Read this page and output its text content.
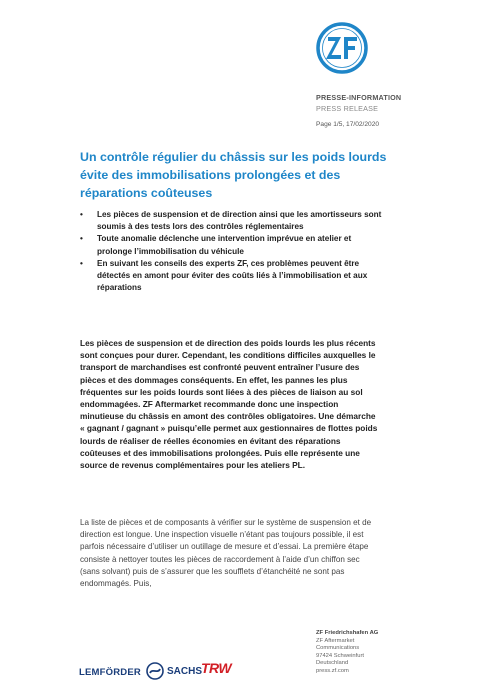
PRESSE-INFORMATION
PRESS RELEASE
Page 1/5, 17/02/2020
Un contrôle régulier du châssis sur les poids lourds évite des immobilisations prolongées et des réparations coûteuses
• Les pièces de suspension et de direction ainsi que les amortisseurs sont soumis à des tests lors des contrôles réglementaires
• Toute anomalie déclenche une intervention imprévue en atelier et prolonge l’immobilisation du véhicule
• En suivant les conseils des experts ZF, ces problèmes peuvent être détectés en amont pour éviter des coûts liés à l’immobilisation et aux réparations

Les pièces de suspension et de direction des poids lourds les plus récents sont conçues pour durer. Cependant, les conditions difficiles auxquelles le transport de marchandises est confronté peuvent entraîner l’usure des pièces et des dommages conséquents. En effet, les pannes les plus fréquentes sur les poids lourds sont liées à des pièces de liaison au sol endommagées. ZF Aftermarket recommande donc une inspection minutieuse du châssis en amont des contrôles obligatoires. Une démarche « gagnant / gagnant » puisqu’elle permet aux gestionnaires de flottes poids lourds de réaliser de réelles économies en évitant des réparations coûteuses et des immobilisations prolongées. Puis elle représente une source de revenus complémentaires pour les ateliers PL.

La liste de pièces et de composants à vérifier sur le système de suspension et de direction est longue. Une inspection visuelle n’étant pas toujours possible, il est parfois nécessaire d’utiliser un outillage de mesure et d’essai. La première étape consiste à nettoyer toutes les pièces de raccordement à l’aide d’un chiffon sec (sans solvant) puis de s’assurer que les soufflets d’étanchéité ne sont pas endommagés. Puis,

ZF Friedrichshafen AG
ZF Aftermarket
Communications
97424 Schweinfurt
Deutschland
press.zf.com
LEMFÖRDER	SACHS
TRW
